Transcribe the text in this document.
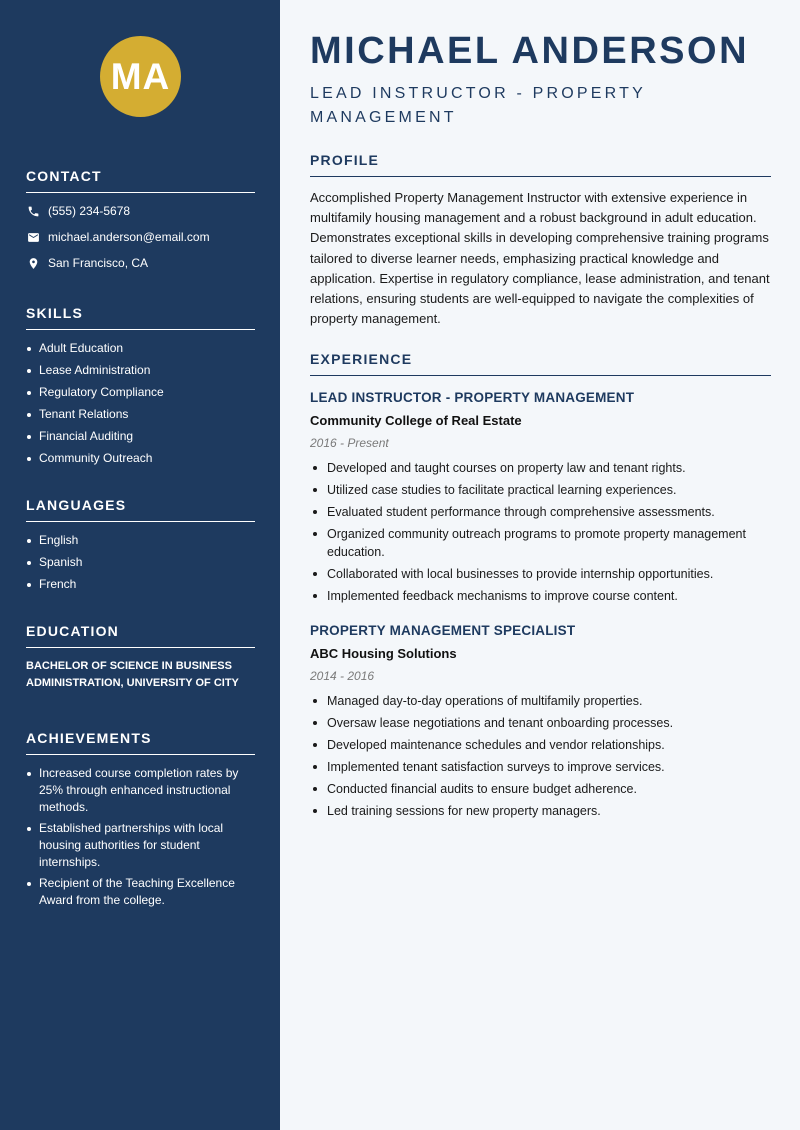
MA
CONTACT
(555) 234-5678
michael.anderson@email.com
San Francisco, CA
SKILLS
Adult Education
Lease Administration
Regulatory Compliance
Tenant Relations
Financial Auditing
Community Outreach
LANGUAGES
English
Spanish
French
EDUCATION
BACHELOR OF SCIENCE IN BUSINESS ADMINISTRATION, UNIVERSITY OF CITY
ACHIEVEMENTS
Increased course completion rates by 25% through enhanced instructional methods.
Established partnerships with local housing authorities for student internships.
Recipient of the Teaching Excellence Award from the college.
MICHAEL ANDERSON
LEAD INSTRUCTOR - PROPERTY MANAGEMENT
PROFILE

Accomplished Property Management Instructor with extensive experience in multifamily housing management and a robust background in adult education. Demonstrates exceptional skills in developing comprehensive training programs tailored to diverse learner needs, emphasizing practical knowledge and application. Expertise in regulatory compliance, lease administration, and tenant relations, ensuring students are well-equipped to navigate the complexities of property management.

EXPERIENCE
LEAD INSTRUCTOR - PROPERTY MANAGEMENT
Community College of Real Estate
2016 - Present
Developed and taught courses on property law and tenant rights.
Utilized case studies to facilitate practical learning experiences.
Evaluated student performance through comprehensive assessments.
Organized community outreach programs to promote property management education.
Collaborated with local businesses to provide internship opportunities.
Implemented feedback mechanisms to improve course content.
PROPERTY MANAGEMENT SPECIALIST
ABC Housing Solutions
2014 - 2016
Managed day-to-day operations of multifamily properties.
Oversaw lease negotiations and tenant onboarding processes.
Developed maintenance schedules and vendor relationships.
Implemented tenant satisfaction surveys to improve services.
Conducted financial audits to ensure budget adherence.
Led training sessions for new property managers.
